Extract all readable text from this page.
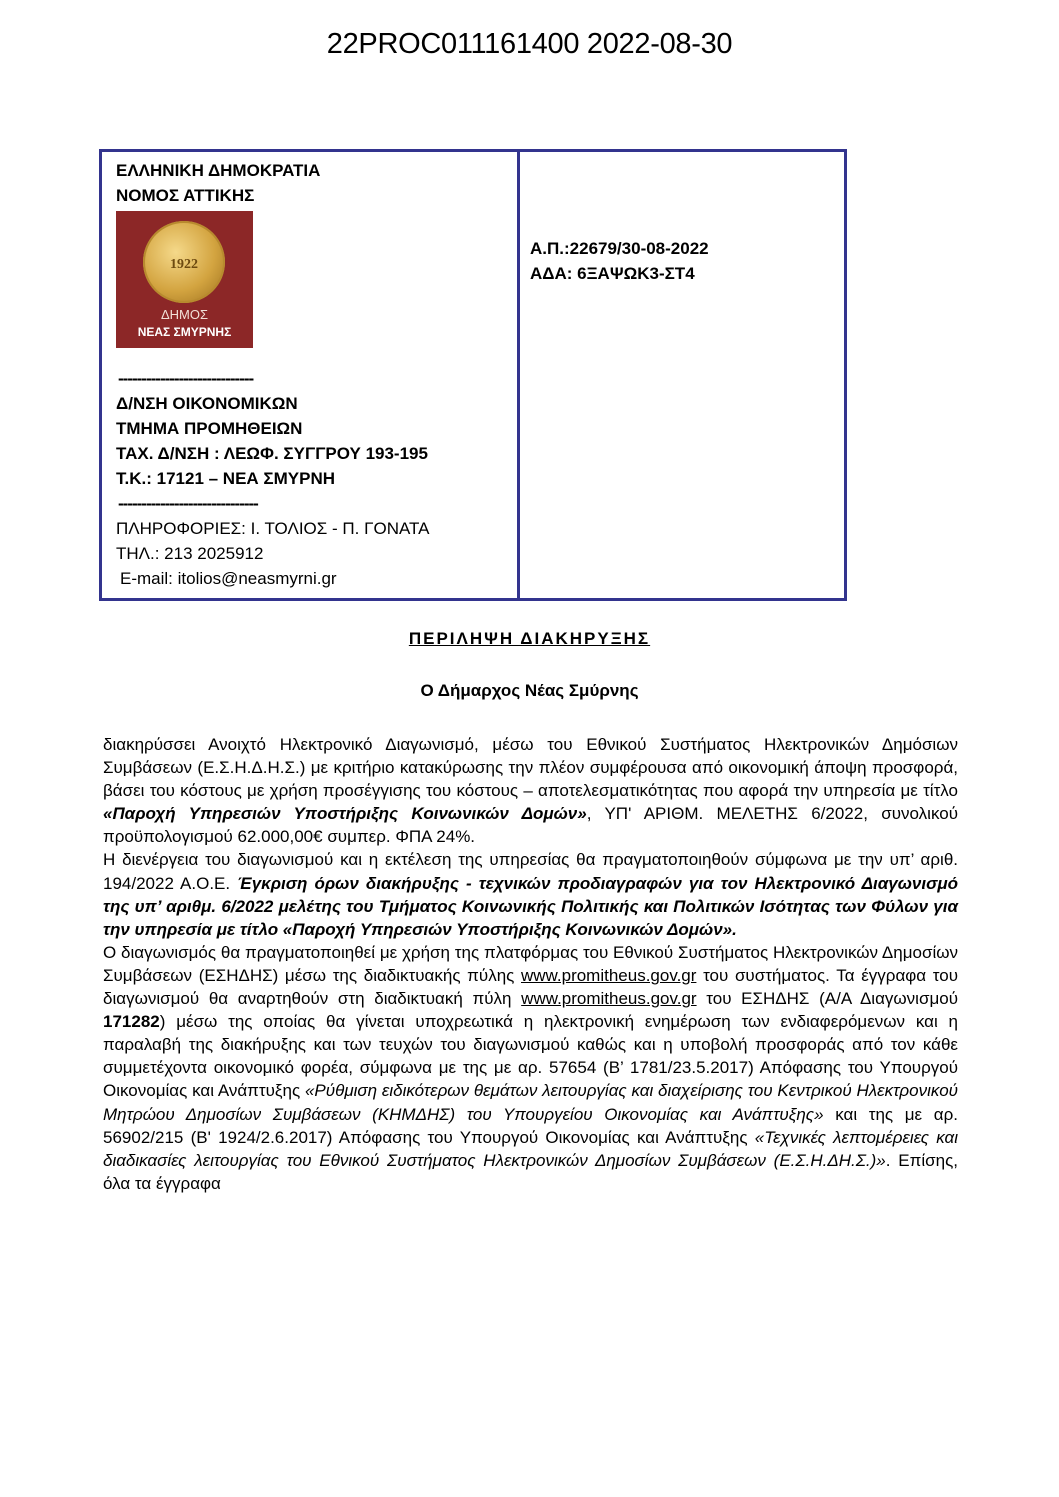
22PROC011161400 2022-08-30
ΕΛΛΗΝΙΚΗ ΔΗΜΟΚΡΑΤΙΑ
ΝΟΜΟΣ ΑΤΤΙΚΗΣ
1922
ΔΗΜΟΣ
ΝΕΑΣ ΣΜΥΡΝΗΣ
-----------------------------
Δ/ΝΣΗ ΟΙΚΟΝΟΜΙΚΩΝ
ΤΜΗΜΑ ΠΡΟΜΗΘΕΙΩΝ
ΤΑΧ. Δ/ΝΣΗ : ΛΕΩΦ. ΣΥΓΓΡΟΥ 193-195
Τ.Κ.: 17121 – ΝΕΑ ΣΜΥΡΝΗ
------------------------------
ΠΛΗΡΟΦΟΡΙΕΣ: Ι. ΤΟΛΙΟΣ - Π. ΓΟΝΑΤΑ
ΤΗΛ.: 213 2025912
E-mail: itolios@neasmyrni.gr
Α.Π.:22679/30-08-2022
ΑΔΑ: 6ΞΑΨΩΚ3-ΣΤ4
ΠΕΡΙΛΗΨΗ ΔΙΑΚΗΡΥΞΗΣ
Ο Δήμαρχος Νέας Σμύρνης

διακηρύσσει Ανοιχτό Ηλεκτρονικό Διαγωνισμό, μέσω του Εθνικού Συστήματος Ηλεκτρονικών Δημόσιων Συμβάσεων (Ε.Σ.Η.Δ.Η.Σ.) με κριτήριο κατακύρωσης την πλέον συμφέρουσα από οικονομική άποψη προσφορά, βάσει του κόστους με χρήση προσέγγισης του κόστους – αποτελεσματικότητας που αφορά την υπηρεσία με τίτλο «Παροχή Υπηρεσιών Υποστήριξης Κοινωνικών Δομών», ΥΠ' ΑΡΙΘΜ. ΜΕΛΕΤΗΣ 6/2022, συνολικού προϋπολογισμού 62.000,00€ συμπερ. ΦΠΑ 24%.

Η διενέργεια του διαγωνισμού και η εκτέλεση της υπηρεσίας θα πραγματοποιηθούν σύμφωνα με την υπ’ αριθ. 194/2022 Α.Ο.Ε. Έγκριση όρων διακήρυξης - τεχνικών προδιαγραφών για τον Ηλεκτρονικό Διαγωνισμό της υπ’ αριθμ. 6/2022 μελέτης του Τμήματος Κοινωνικής Πολιτικής και Πολιτικών Ισότητας των Φύλων για την υπηρεσία με τίτλο «Παροχή Υπηρεσιών Υποστήριξης Κοινωνικών Δομών».

Ο διαγωνισμός θα πραγματοποιηθεί με χρήση της πλατφόρμας του Εθνικού Συστήματος Ηλεκτρονικών Δημοσίων Συμβάσεων (ΕΣΗΔΗΣ) μέσω της διαδικτυακής πύλης www.promitheus.gov.gr του συστήματος. Τα έγγραφα του διαγωνισμού θα αναρτηθούν στη διαδικτυακή πύλη www.promitheus.gov.gr του ΕΣΗΔΗΣ (Α/Α Διαγωνισμού 171282) μέσω της οποίας θα γίνεται υποχρεωτικά η ηλεκτρονική ενημέρωση των ενδιαφερόμενων και η παραλαβή της διακήρυξης και των τευχών του διαγωνισμού καθώς και η υποβολή προσφοράς από τον κάθε συμμετέχοντα οικονομικό φορέα, σύμφωνα με της με αρ. 57654 (Β’ 1781/23.5.2017) Απόφασης του Υπουργού Οικονομίας και Ανάπτυξης «Ρύθμιση ειδικότερων θεμάτων λειτουργίας και διαχείρισης του Κεντρικού Ηλεκτρονικού Μητρώου Δημοσίων Συμβάσεων (ΚΗΜΔΗΣ) του Υπουργείου Οικονομίας και Ανάπτυξης» και της με αρ. 56902/215 (Β' 1924/2.6.2017) Απόφασης του Υπουργού Οικονομίας και Ανάπτυξης «Τεχνικές λεπτομέρειες και διαδικασίες λειτουργίας του Εθνικού Συστήματος Ηλεκτρονικών Δημοσίων Συμβάσεων (Ε.Σ.Η.ΔΗ.Σ.)». Επίσης, όλα τα έγγραφα
